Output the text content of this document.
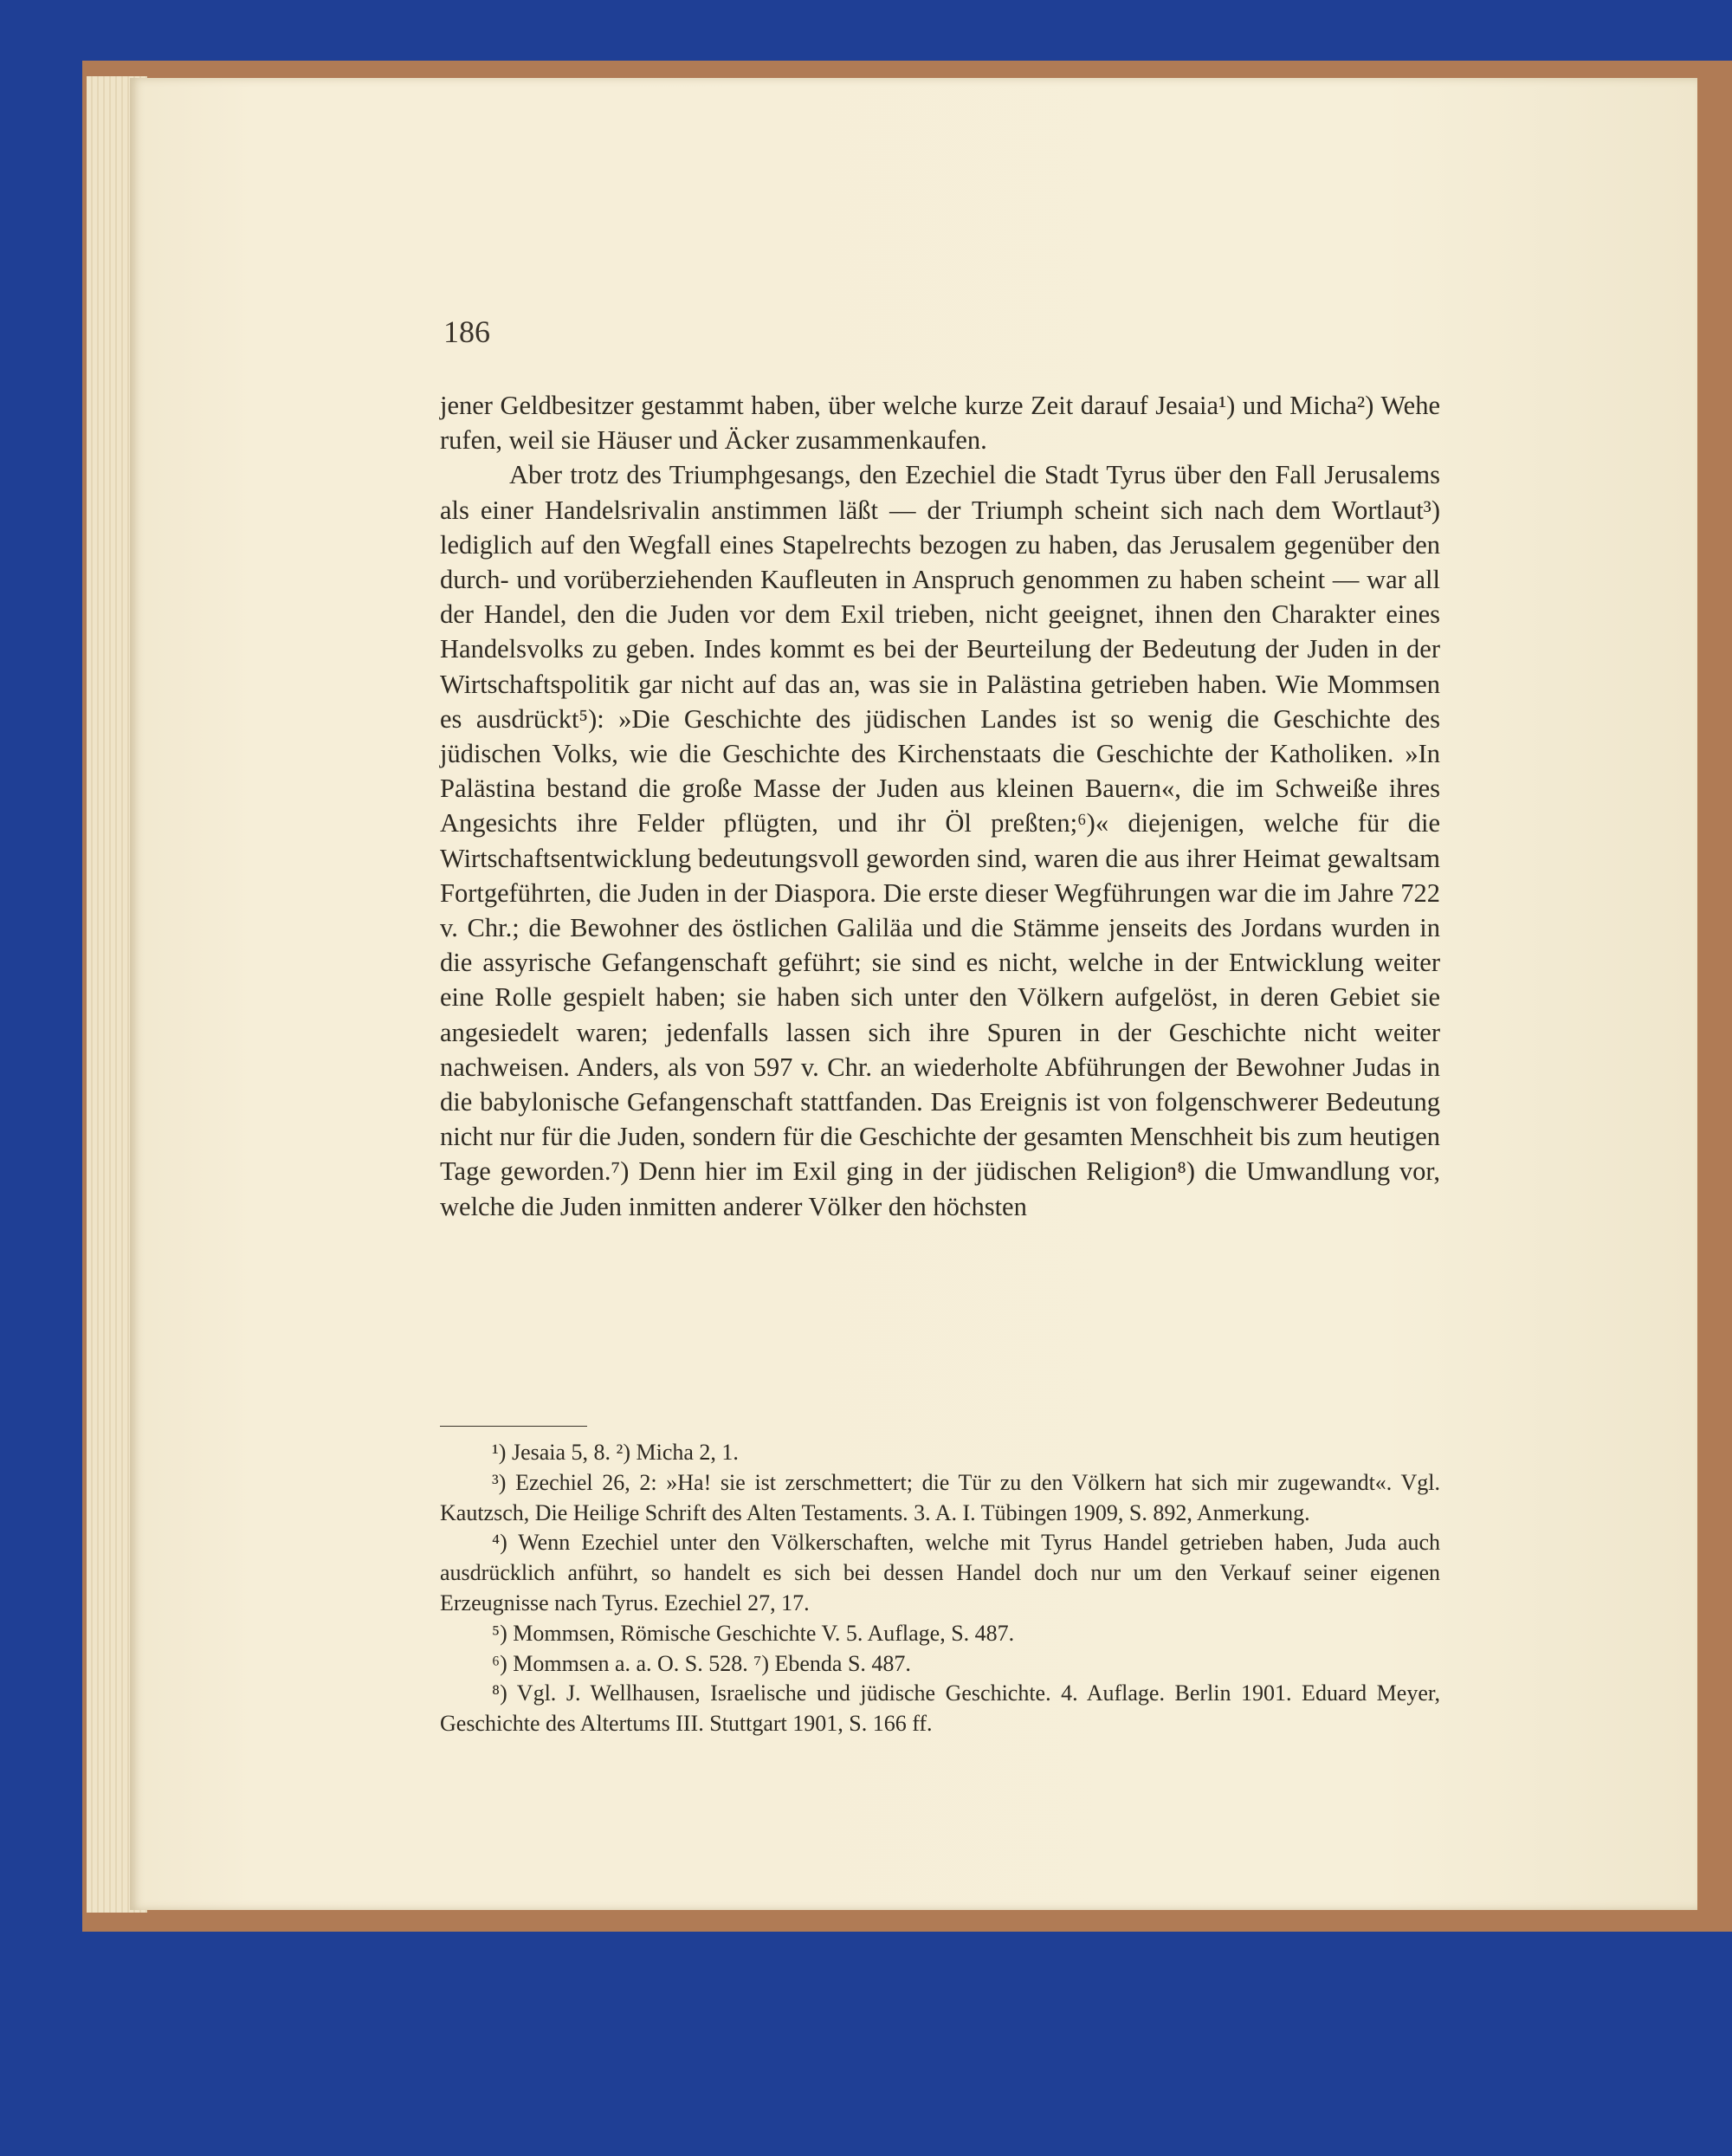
186

jener Geldbesitzer gestammt haben, über welche kurze Zeit darauf Jesaia¹) und Micha²) Wehe rufen, weil sie Häuser und Äcker zusammenkaufen.

Aber trotz des Triumphgesangs, den Ezechiel die Stadt Tyrus über den Fall Jerusalems als einer Handelsrivalin anstimmen läßt — der Triumph scheint sich nach dem Wortlaut³) lediglich auf den Wegfall eines Stapelrechts bezogen zu haben, das Jerusalem gegenüber den durch- und vorüberziehenden Kaufleuten in Anspruch genommen zu haben scheint — war all der Handel, den die Juden vor dem Exil trieben, nicht geeignet, ihnen den Charakter eines Handelsvolks zu geben. Indes kommt es bei der Beurteilung der Bedeutung der Juden in der Wirtschaftspolitik gar nicht auf das an, was sie in Palästina getrieben haben. Wie Mommsen es ausdrückt⁵): »Die Geschichte des jüdischen Landes ist so wenig die Geschichte des jüdischen Volks, wie die Geschichte des Kirchenstaats die Geschichte der Katholiken. »In Palästina bestand die große Masse der Juden aus kleinen Bauern«, die im Schweiße ihres Angesichts ihre Felder pflügten, und ihr Öl preßten;⁶)« diejenigen, welche für die Wirtschaftsentwicklung bedeutungsvoll geworden sind, waren die aus ihrer Heimat gewaltsam Fortgeführten, die Juden in der Diaspora. Die erste dieser Wegführungen war die im Jahre 722 v. Chr.; die Bewohner des östlichen Galiläa und die Stämme jenseits des Jordans wurden in die assyrische Gefangenschaft geführt; sie sind es nicht, welche in der Entwicklung weiter eine Rolle gespielt haben; sie haben sich unter den Völkern aufgelöst, in deren Gebiet sie angesiedelt waren; jedenfalls lassen sich ihre Spuren in der Geschichte nicht weiter nachweisen. Anders, als von 597 v. Chr. an wiederholte Abführungen der Bewohner Judas in die babylonische Gefangenschaft stattfanden. Das Ereignis ist von folgenschwerer Bedeutung nicht nur für die Juden, sondern für die Geschichte der gesamten Menschheit bis zum heutigen Tage geworden.⁷) Denn hier im Exil ging in der jüdischen Religion⁸) die Umwandlung vor, welche die Juden inmitten anderer Völker den höchsten

¹) Jesaia 5, 8. ²) Micha 2, 1.

³) Ezechiel 26, 2: »Ha! sie ist zerschmettert; die Tür zu den Völkern hat sich mir zugewandt«. Vgl. Kautzsch, Die Heilige Schrift des Alten Testaments. 3. A. I. Tübingen 1909, S. 892, Anmerkung.

⁴) Wenn Ezechiel unter den Völkerschaften, welche mit Tyrus Handel getrieben haben, Juda auch ausdrücklich anführt, so handelt es sich bei dessen Handel doch nur um den Verkauf seiner eigenen Erzeugnisse nach Tyrus. Ezechiel 27, 17.

⁵) Mommsen, Römische Geschichte V. 5. Auflage, S. 487.

⁶) Mommsen a. a. O. S. 528. ⁷) Ebenda S. 487.

⁸) Vgl. J. Wellhausen, Israelische und jüdische Geschichte. 4. Auflage. Berlin 1901. Eduard Meyer, Geschichte des Altertums III. Stuttgart 1901, S. 166 ff.
